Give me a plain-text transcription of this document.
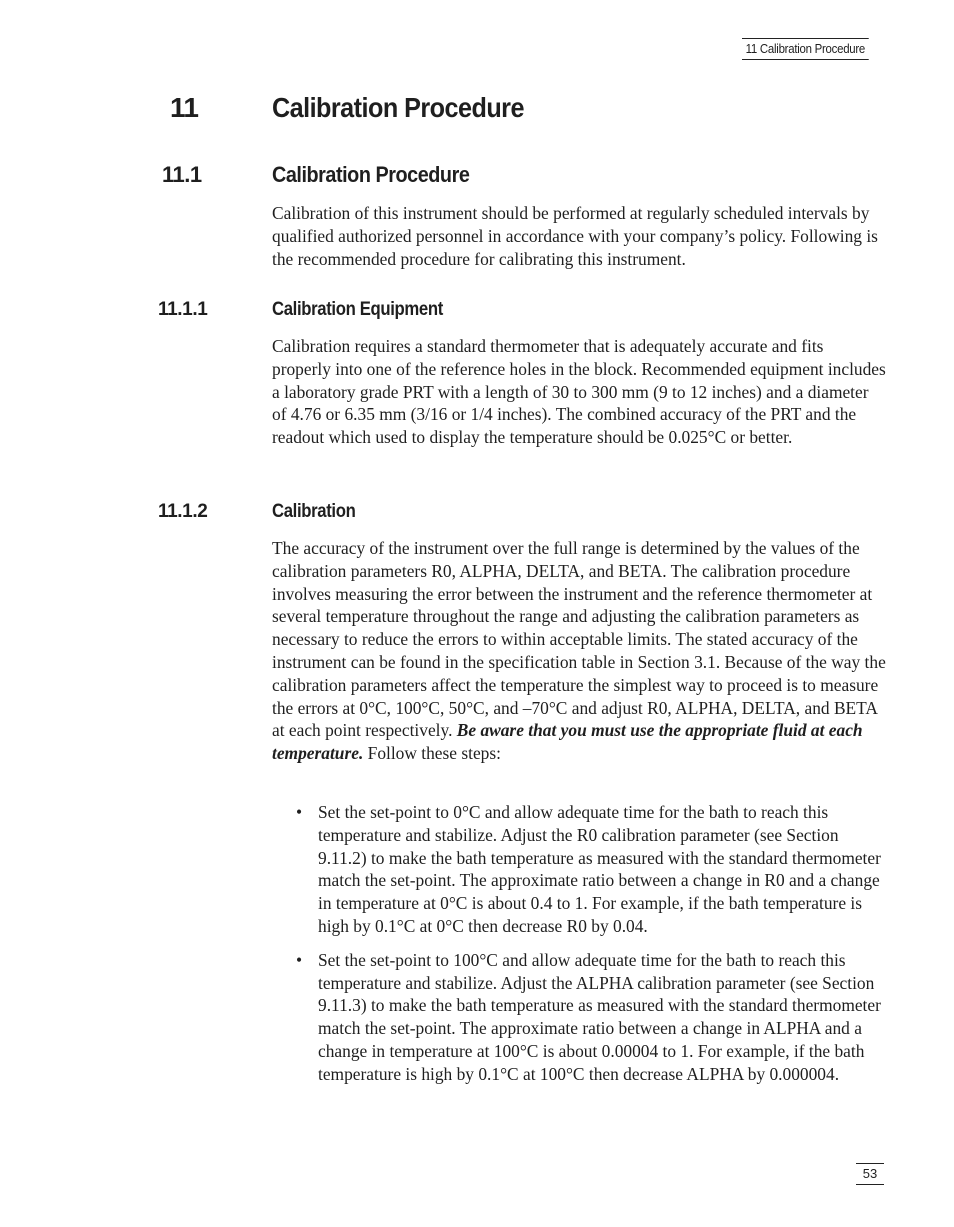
11 Calibration Procedure
11	Calibration Procedure
11.1	Calibration Procedure

Calibration of this instrument should be performed at regularly scheduled intervals by qualified authorized personnel in accordance with your company’s policy. Following is the recommended procedure for calibrating this instrument.

11.1.1	Calibration Equipment

Calibration requires a standard thermometer that is adequately accurate and fits properly into one of the reference holes in the block. Recommended equipment includes a laboratory grade PRT with a length of 30 to 300 mm (9 to 12 inches) and a diameter of 4.76 or 6.35 mm (3/16 or 1/4 inches). The combined accuracy of the PRT and the readout which used to display the temperature should be 0.025°C or better.

11.1.2	Calibration

The accuracy of the instrument over the full range is determined by the values of the calibration parameters R0, ALPHA, DELTA, and BETA. The calibration procedure involves measuring the error between the instrument and the reference thermometer at several temperature throughout the range and adjusting the calibration parameters as necessary to reduce the errors to within acceptable limits. The stated accuracy of the instrument can be found in the specification table in Section 3.1. Because of the way the calibration parameters affect the temperature the simplest way to proceed is to measure the errors at 0°C, 100°C, 50°C, and –70°C and adjust R0, ALPHA, DELTA, and BETA at each point respectively. Be aware that you must use the appropriate fluid at each temperature. Follow these steps:

• Set the set-point to 0°C and allow adequate time for the bath to reach this temperature and stabilize. Adjust the R0 calibration parameter (see Section 9.11.2) to make the bath temperature as measured with the standard thermometer match the set-point. The approximate ratio between a change in R0 and a change in temperature at 0°C is about 0.4 to 1. For example, if the bath temperature is high by 0.1°C at 0°C then decrease R0 by 0.04.
• Set the set-point to 100°C and allow adequate time for the bath to reach this temperature and stabilize. Adjust the ALPHA calibration parameter (see Section 9.11.3) to make the bath temperature as measured with the standard thermometer match the set-point. The approximate ratio between a change in ALPHA and a change in temperature at 100°C is about 0.00004 to 1. For example, if the bath temperature is high by 0.1°C at 100°C then decrease ALPHA by 0.000004.
53
